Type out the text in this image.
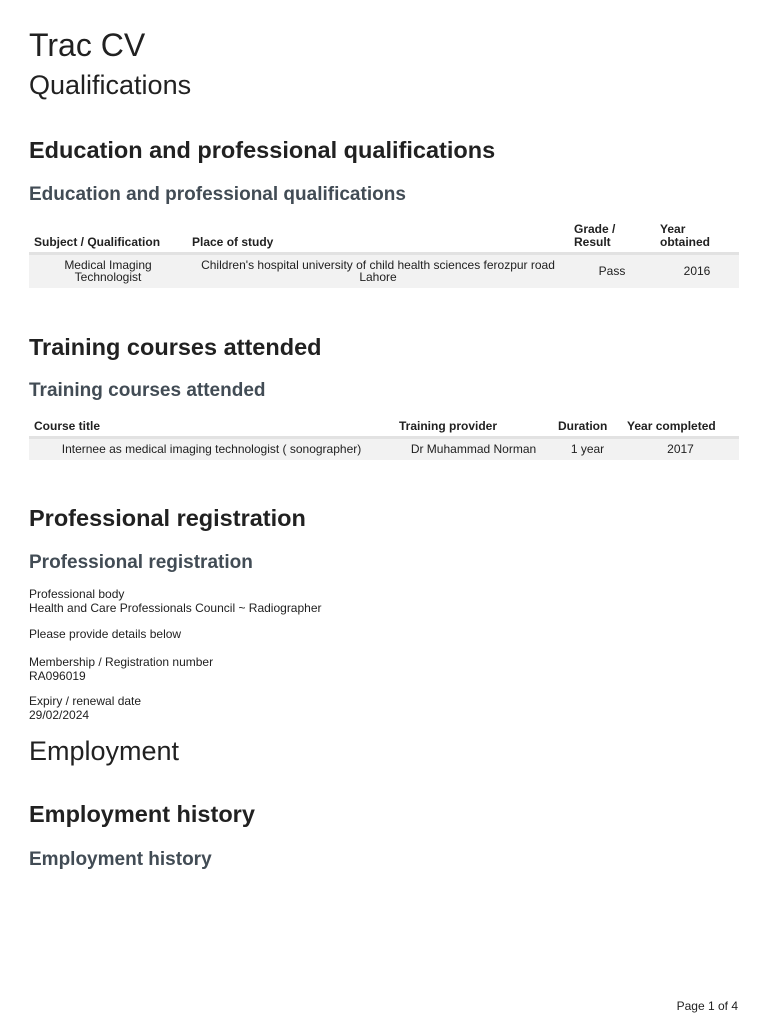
Trac CV
Qualifications
Education and professional qualifications
Education and professional qualifications
Subject / Qualification	Place of study	Grade / Result	Year obtained
Medical Imaging Technologist	Children's hospital university of child health sciences ferozpur road Lahore	Pass	2016
Training courses attended
Training courses attended
Course title	Training provider	Duration	Year completed
Internee as medical imaging technologist ( sonographer)	Dr Muhammad Norman	1 year	2017
Professional registration
Professional registration
Professional body
Health and Care Professionals Council ~ Radiographer
Please provide details below
Membership / Registration number
RA096019
Expiry / renewal date
29/02/2024
Employment
Employment history
Employment history
Page 1 of 4
